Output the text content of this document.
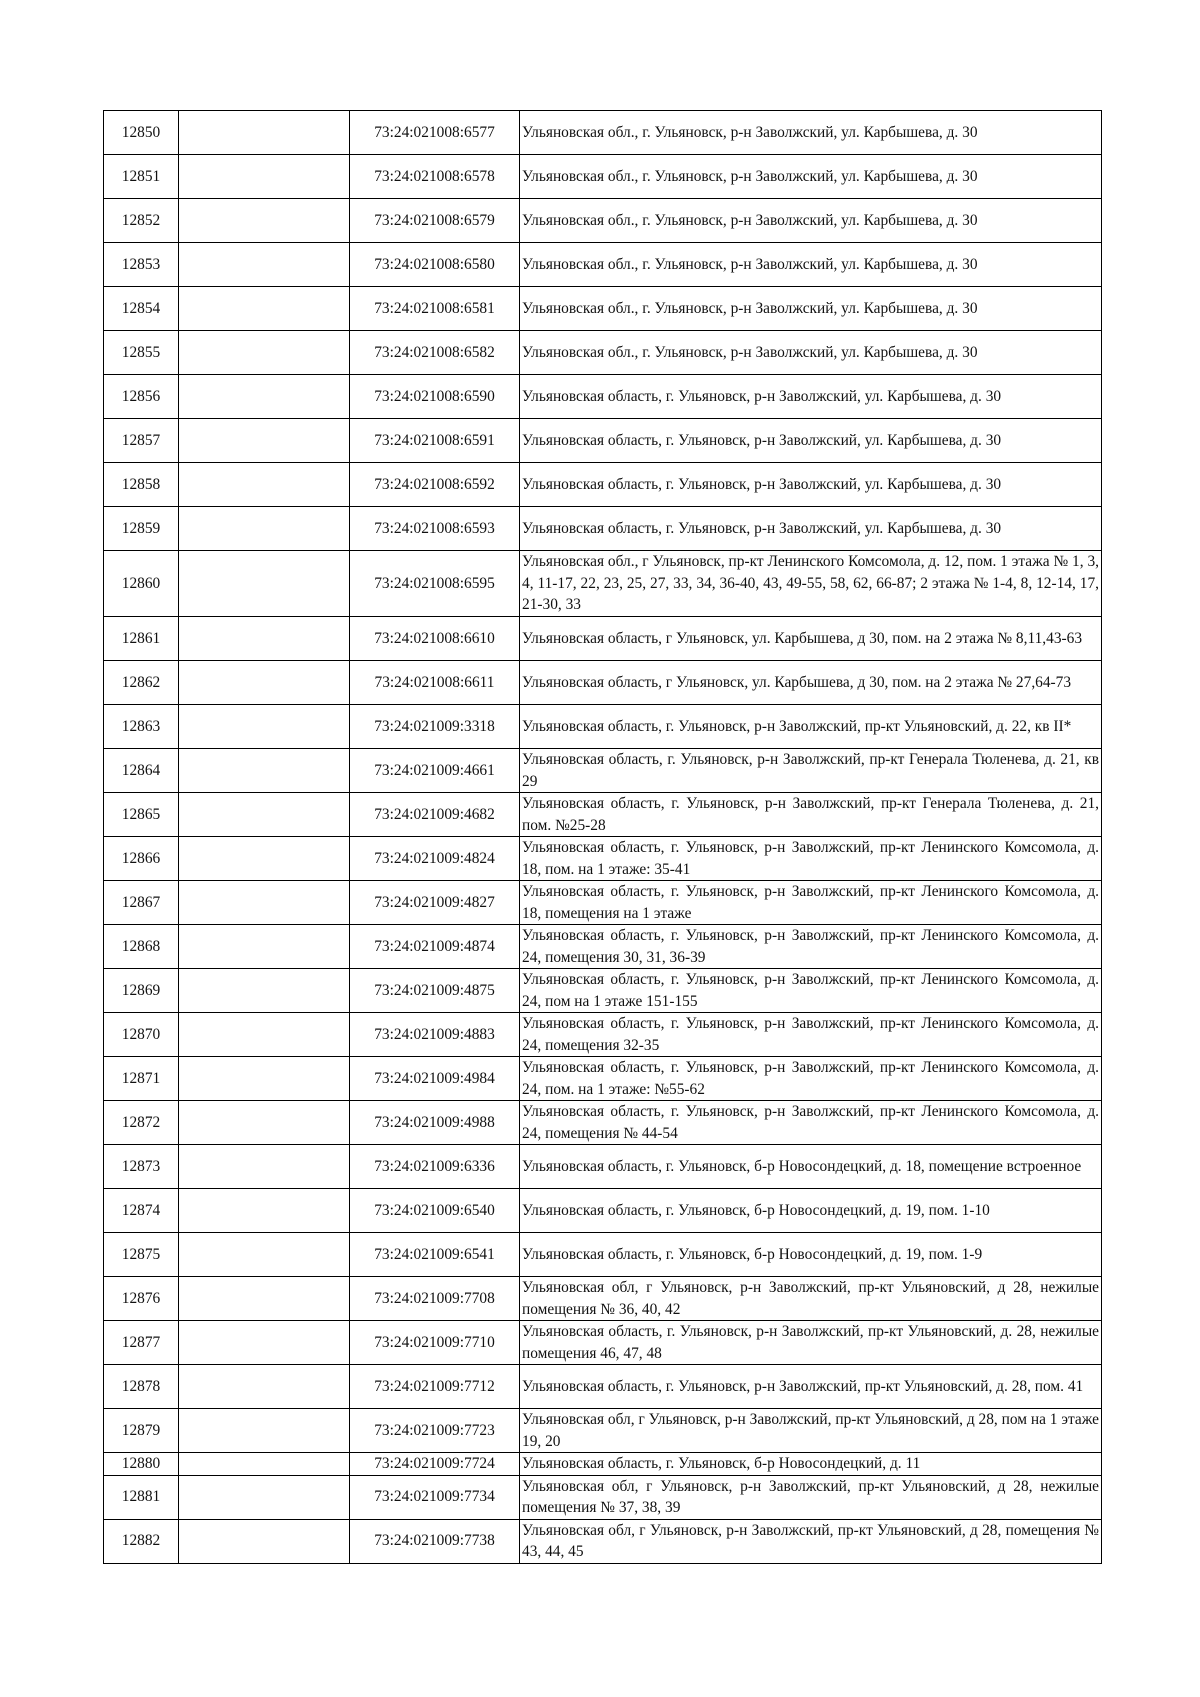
12850		73:24:021008:6577	Ульяновская обл., г. Ульяновск, р-н Заволжский, ул. Карбышева, д. 30
12851		73:24:021008:6578	Ульяновская обл., г. Ульяновск, р-н Заволжский, ул. Карбышева, д. 30
12852		73:24:021008:6579	Ульяновская обл., г. Ульяновск, р-н Заволжский, ул. Карбышева, д. 30
12853		73:24:021008:6580	Ульяновская обл., г. Ульяновск, р-н Заволжский, ул. Карбышева, д. 30
12854		73:24:021008:6581	Ульяновская обл., г. Ульяновск, р-н Заволжский, ул. Карбышева, д. 30
12855		73:24:021008:6582	Ульяновская обл., г. Ульяновск, р-н Заволжский, ул. Карбышева, д. 30
12856		73:24:021008:6590	Ульяновская область, г. Ульяновск, р-н Заволжский, ул. Карбышева, д. 30
12857		73:24:021008:6591	Ульяновская область, г. Ульяновск, р-н Заволжский, ул. Карбышева, д. 30
12858		73:24:021008:6592	Ульяновская область, г. Ульяновск, р-н Заволжский, ул. Карбышева, д. 30
12859		73:24:021008:6593	Ульяновская область, г. Ульяновск, р-н Заволжский, ул. Карбышева, д. 30
12860		73:24:021008:6595	Ульяновская обл., г Ульяновск, пр-кт Ленинского Комсомола, д. 12, пом. 1 этажа № 1, 3, 4, 11-17, 22, 23, 25, 27, 33, 34, 36-40, 43, 49-55, 58, 62, 66-87; 2 этажа № 1-4, 8, 12-14, 17, 21-30, 33
12861		73:24:021008:6610	Ульяновская область, г Ульяновск, ул. Карбышева, д 30, пом. на 2 этажа № 8,11,43-63
12862		73:24:021008:6611	Ульяновская область, г Ульяновск, ул. Карбышева, д 30, пом. на 2 этажа № 27,64-73
12863		73:24:021009:3318	Ульяновская область, г. Ульяновск, р-н Заволжский, пр-кт Ульяновский, д. 22, кв II*
12864		73:24:021009:4661	Ульяновская область, г. Ульяновск, р-н Заволжский, пр-кт Генерала Тюленева, д. 21, кв 29
12865		73:24:021009:4682	Ульяновская область, г. Ульяновск, р-н Заволжский, пр-кт Генерала Тюленева, д. 21, пом. №25-28
12866		73:24:021009:4824	Ульяновская область, г. Ульяновск, р-н Заволжский, пр-кт Ленинского Комсомола, д. 18, пом. на 1 этаже: 35-41
12867		73:24:021009:4827	Ульяновская область, г. Ульяновск, р-н Заволжский, пр-кт Ленинского Комсомола, д. 18, помещения на 1 этаже
12868		73:24:021009:4874	Ульяновская область, г. Ульяновск, р-н Заволжский, пр-кт Ленинского Комсомола, д. 24, помещения 30, 31, 36-39
12869		73:24:021009:4875	Ульяновская область, г. Ульяновск, р-н Заволжский, пр-кт Ленинского Комсомола, д. 24, пом на 1 этаже 151-155
12870		73:24:021009:4883	Ульяновская область, г. Ульяновск, р-н Заволжский, пр-кт Ленинского Комсомола, д. 24, помещения 32-35
12871		73:24:021009:4984	Ульяновская область, г. Ульяновск, р-н Заволжский, пр-кт Ленинского Комсомола, д. 24, пом. на 1 этаже: №55-62
12872		73:24:021009:4988	Ульяновская область, г. Ульяновск, р-н Заволжский, пр-кт Ленинского Комсомола, д. 24, помещения № 44-54
12873		73:24:021009:6336	Ульяновская область, г. Ульяновск, б-р Новосондецкий, д. 18, помещение встроенное
12874		73:24:021009:6540	Ульяновская область, г. Ульяновск, б-р Новосондецкий, д. 19, пом. 1-10
12875		73:24:021009:6541	Ульяновская область, г. Ульяновск, б-р Новосондецкий, д. 19, пом. 1-9
12876		73:24:021009:7708	Ульяновская обл, г Ульяновск, р-н Заволжский, пр-кт Ульяновский, д 28, нежилые помещения № 36, 40, 42
12877		73:24:021009:7710	Ульяновская область, г. Ульяновск, р-н Заволжский, пр-кт Ульяновский, д. 28, нежилые помещения 46, 47, 48
12878		73:24:021009:7712	Ульяновская область, г. Ульяновск, р-н Заволжский, пр-кт Ульяновский, д. 28, пом. 41
12879		73:24:021009:7723	Ульяновская обл, г Ульяновск, р-н Заволжский, пр-кт Ульяновский, д 28, пом на 1 этаже 19, 20
12880		73:24:021009:7724	Ульяновская область, г. Ульяновск, б-р Новосондецкий, д. 11
12881		73:24:021009:7734	Ульяновская обл, г Ульяновск, р-н Заволжский, пр-кт Ульяновский, д 28, нежилые помещения № 37, 38, 39
12882		73:24:021009:7738	Ульяновская обл, г Ульяновск, р-н Заволжский, пр-кт Ульяновский, д 28, помещения № 43, 44, 45
